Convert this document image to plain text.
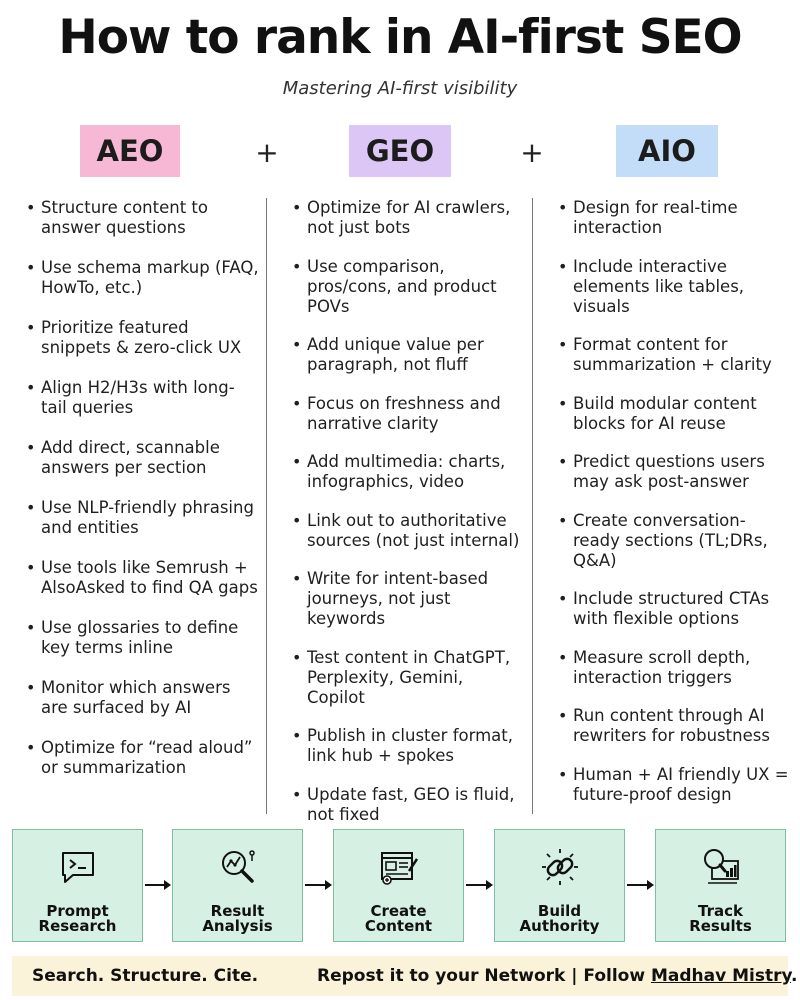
How to rank in AI-first SEO
Mastering AI-first visibility
AEO	+	GEO	+	AIO
• Structure content to answer questions
• Use schema markup (FAQ, HowTo, etc.)
• Prioritize featured snippets & zero-click UX
• Align H2/H3s with long-tail queries
• Add direct, scannable answers per section
• Use NLP-friendly phrasing and entities
• Use tools like Semrush + AlsoAsked to find QA gaps
• Use glossaries to define key terms inline
• Monitor which answers are surfaced by AI
• Optimize for “read aloud” or summarization
• Optimize for AI crawlers, not just bots
• Use comparison, pros/cons, and product POVs
• Add unique value per paragraph, not fluff
• Focus on freshness and narrative clarity
• Add multimedia: charts, infographics, video
• Link out to authoritative sources (not just internal)
• Write for intent-based journeys, not just keywords
• Test content in ChatGPT, Perplexity, Gemini, Copilot
• Publish in cluster format, link hub + spokes
• Update fast, GEO is fluid, not fixed
• Design for real-time interaction
• Include interactive elements like tables, visuals
• Format content for summarization + clarity
• Build modular content blocks for AI reuse
• Predict questions users may ask post-answer
• Create conversation-ready sections (TL;DRs, Q&A)
• Include structured CTAs with flexible options
• Measure scroll depth, interaction triggers
• Run content through AI rewriters for robustness
• Human + AI friendly UX = future-proof design
Prompt
Research
Result
Analysis
Create
Content
Build
Authority
Track
Results
Search. Structure. Cite.	Repost it to your Network | Follow Madhav Mistry.
